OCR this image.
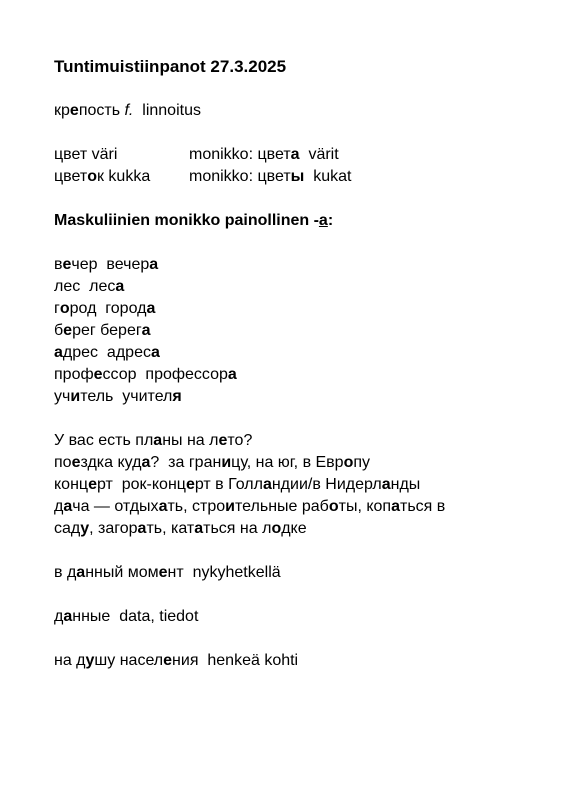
Tuntimuistiinpanot 27.3.2025
крепость f.  linnoitus
цвет väri	monikko: цвета  värit
цветок kukka monikko: цветы  kukat
Maskuliinien monikko painollinen -а:
вечер  вечера
лес  леса
город  города
берег берега
адрес  адреса
профессор  профессора
учитель  учителя
У вас есть планы на лето?
поездка куда?  за границу, на юг, в Европу
концерт  рок-концерт в Голландии/в Нидерланды
дача — отдыхать, строительные работы, копаться в
саду, загорать, кататься на лодке
в данный момент  nykyhetkellä
данные  data, tiedot
на душу населения  henkeä kohti
